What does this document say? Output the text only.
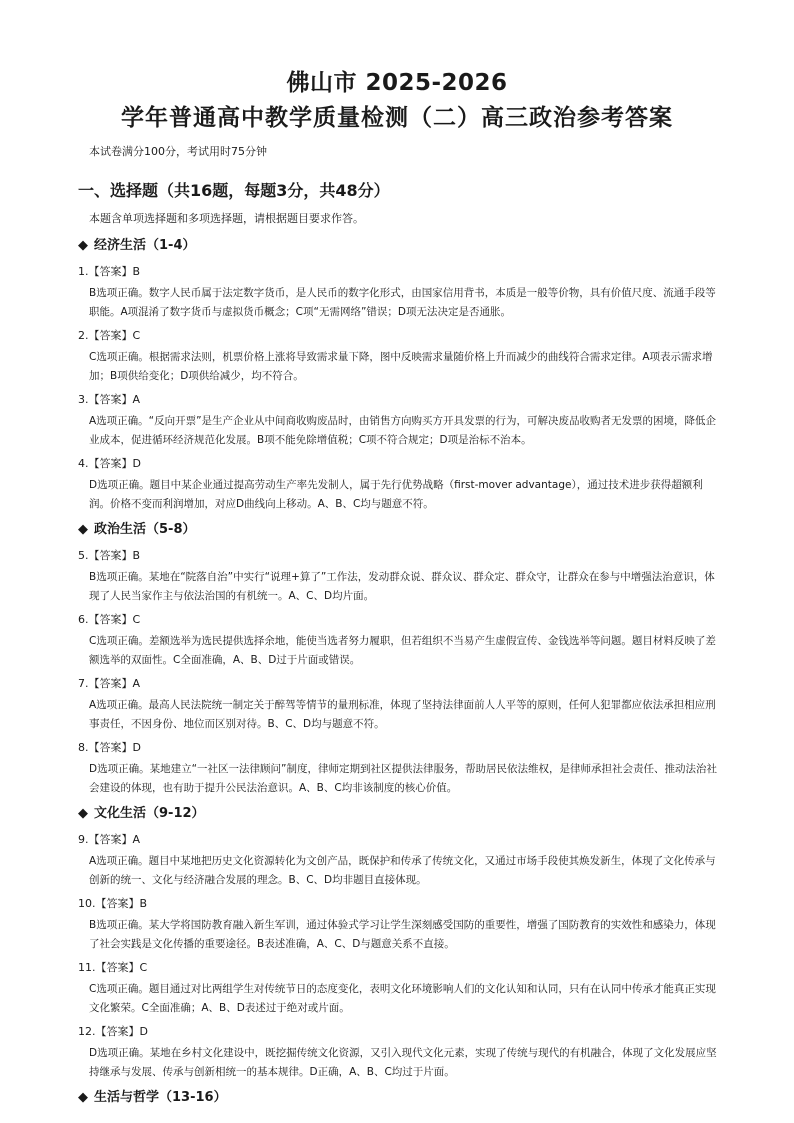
佛山市 2025-2026
学年普通高中教学质量检测（二）高三政治参考答案
本试卷满分100分，考试用时75分钟
一、选择题（共16题，每题3分，共48分）
本题含单项选择题和多项选择题，请根据题目要求作答。
◆ 经济生活（1-4）
1.【答案】B
B选项正确。数字人民币属于法定数字货币，是人民币的数字化形式，由国家信用背书，本质是一般等价物，具有价值尺度、流通手段等职能。A项混淆了数字货币与虚拟货币概念；C项“无需网络”错误；D项无法决定是否通胀。
2.【答案】C
C选项正确。根据需求法则，机票价格上涨将导致需求量下降，图中反映需求量随价格上升而减少的曲线符合需求定律。A项表示需求增加；B项供给变化；D项供给减少，均不符合。
3.【答案】A
A选项正确。“反向开票”是生产企业从中间商收购废品时，由销售方向购买方开具发票的行为，可解决废品收购者无发票的困境，降低企业成本，促进循环经济规范化发展。B项不能免除增值税；C项不符合规定；D项是治标不治本。
4.【答案】D
D选项正确。题目中某企业通过提高劳动生产率先发制人，属于先行优势战略（first-mover advantage），通过技术进步获得超额利润。价格不变而利润增加，对应D曲线向上移动。A、B、C均与题意不符。
◆ 政治生活（5-8）
5.【答案】B
B选项正确。某地在“院落自治”中实行“说理+算了”工作法，发动群众说、群众议、群众定、群众守，让群众在参与中增强法治意识，体现了人民当家作主与依法治国的有机统一。A、C、D均片面。
6.【答案】C
C选项正确。差额选举为选民提供选择余地，能使当选者努力履职，但若组织不当易产生虚假宣传、金钱选举等问题。题目材料反映了差额选举的双面性。C全面准确，A、B、D过于片面或错误。
7.【答案】A
A选项正确。最高人民法院统一制定关于醉驾等情节的量刑标准，体现了坚持法律面前人人平等的原则，任何人犯罪都应依法承担相应刑事责任，不因身份、地位而区别对待。B、C、D均与题意不符。
8.【答案】D
D选项正确。某地建立“一社区一法律顾问”制度，律师定期到社区提供法律服务，帮助居民依法维权，是律师承担社会责任、推动法治社会建设的体现，也有助于提升公民法治意识。A、B、C均非该制度的核心价值。
◆ 文化生活（9-12）
9.【答案】A
A选项正确。题目中某地把历史文化资源转化为文创产品，既保护和传承了传统文化，又通过市场手段使其焕发新生，体现了文化传承与创新的统一、文化与经济融合发展的理念。B、C、D均非题目直接体现。
10.【答案】B
B选项正确。某大学将国防教育融入新生军训，通过体验式学习让学生深刻感受国防的重要性，增强了国防教育的实效性和感染力，体现了社会实践是文化传播的重要途径。B表述准确，A、C、D与题意关系不直接。
11.【答案】C
C选项正确。题目通过对比两组学生对传统节日的态度变化，表明文化环境影响人们的文化认知和认同，只有在认同中传承才能真正实现文化繁荣。C全面准确；A、B、D表述过于绝对或片面。
12.【答案】D
D选项正确。某地在乡村文化建设中，既挖掘传统文化资源，又引入现代文化元素，实现了传统与现代的有机融合，体现了文化发展应坚持继承与发展、传承与创新相统一的基本规律。D正确，A、B、C均过于片面。
◆ 生活与哲学（13-16）
